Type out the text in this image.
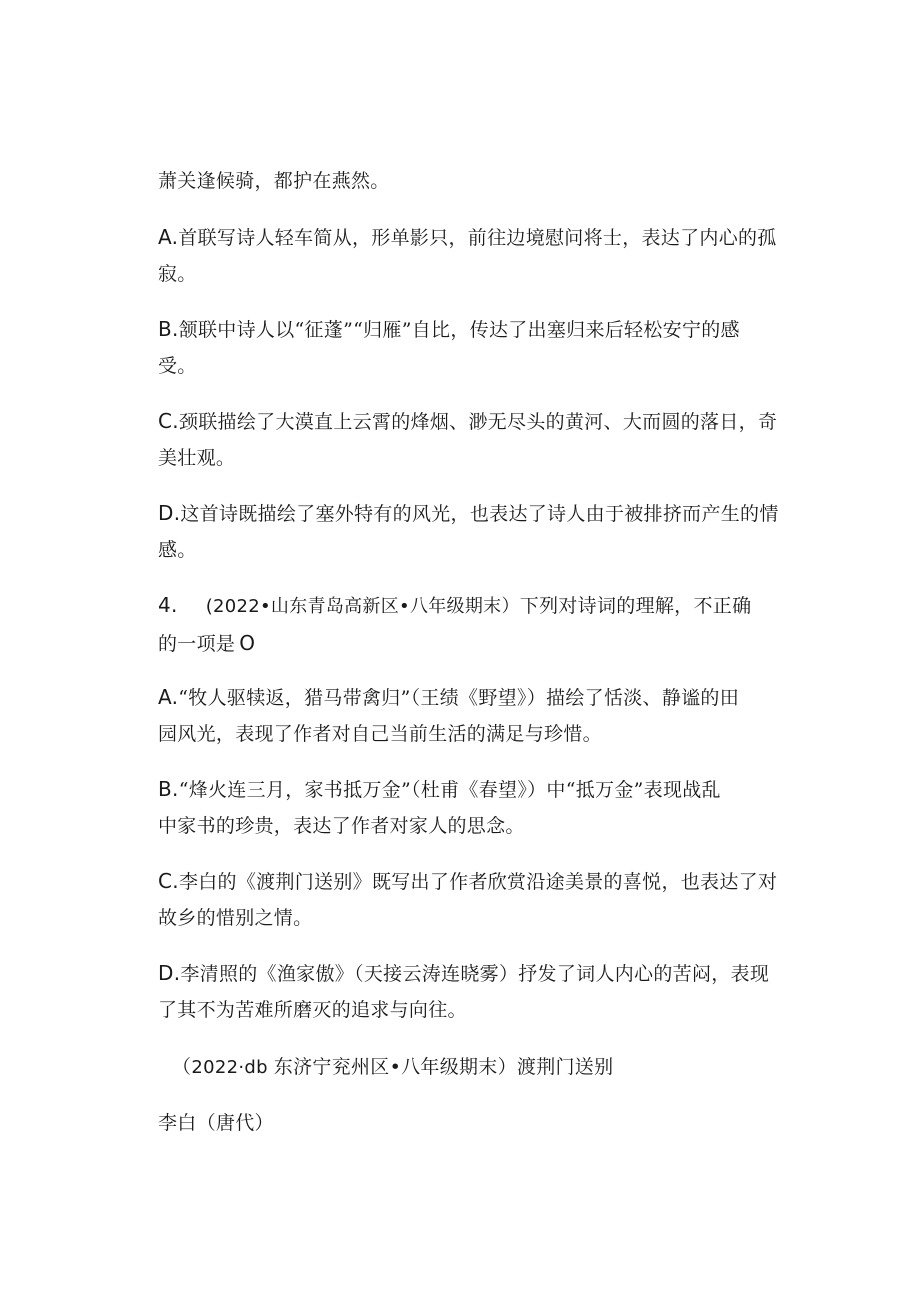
萧关逢候骑，都护在燕然。

A.首联写诗人轻车简从，形单影只，前往边境慰问将士，表达了内心的孤
寂。

B.颔联中诗人以“征蓬”“归雁”自比，传达了出塞归来后轻松安宁的感
受。

C.颈联描绘了大漠直上云霄的烽烟、渺无尽头的黄河、大而圆的落日，奇
美壮观。

D.这首诗既描绘了塞外特有的风光，也表达了诗人由于被排挤而产生的情
感。

4. (2022•山东青岛高新区•八年级期末）下列对诗词的理解，不正确
的一项是 O

A.“牧人驱犊返，猎马带禽归”（王绩《野望》）描绘了恬淡、静谧的田
园风光，表现了作者对自己当前生活的满足与珍惜。

B.“烽火连三月，家书抵万金”（杜甫《春望》）中“抵万金”表现战乱
中家书的珍贵，表达了作者对家人的思念。

C.李白的《渡荆门送别》既写出了作者欣赏沿途美景的喜悦，也表达了对
故乡的惜别之情。

D.李清照的《渔家傲》（天接云涛连晓雾）抒发了词人内心的苦闷，表现
了其不为苦难所磨灭的追求与向往。

（2022·db 东济宁兖州区•八年级期末）渡荆门送别

李白（唐代）
